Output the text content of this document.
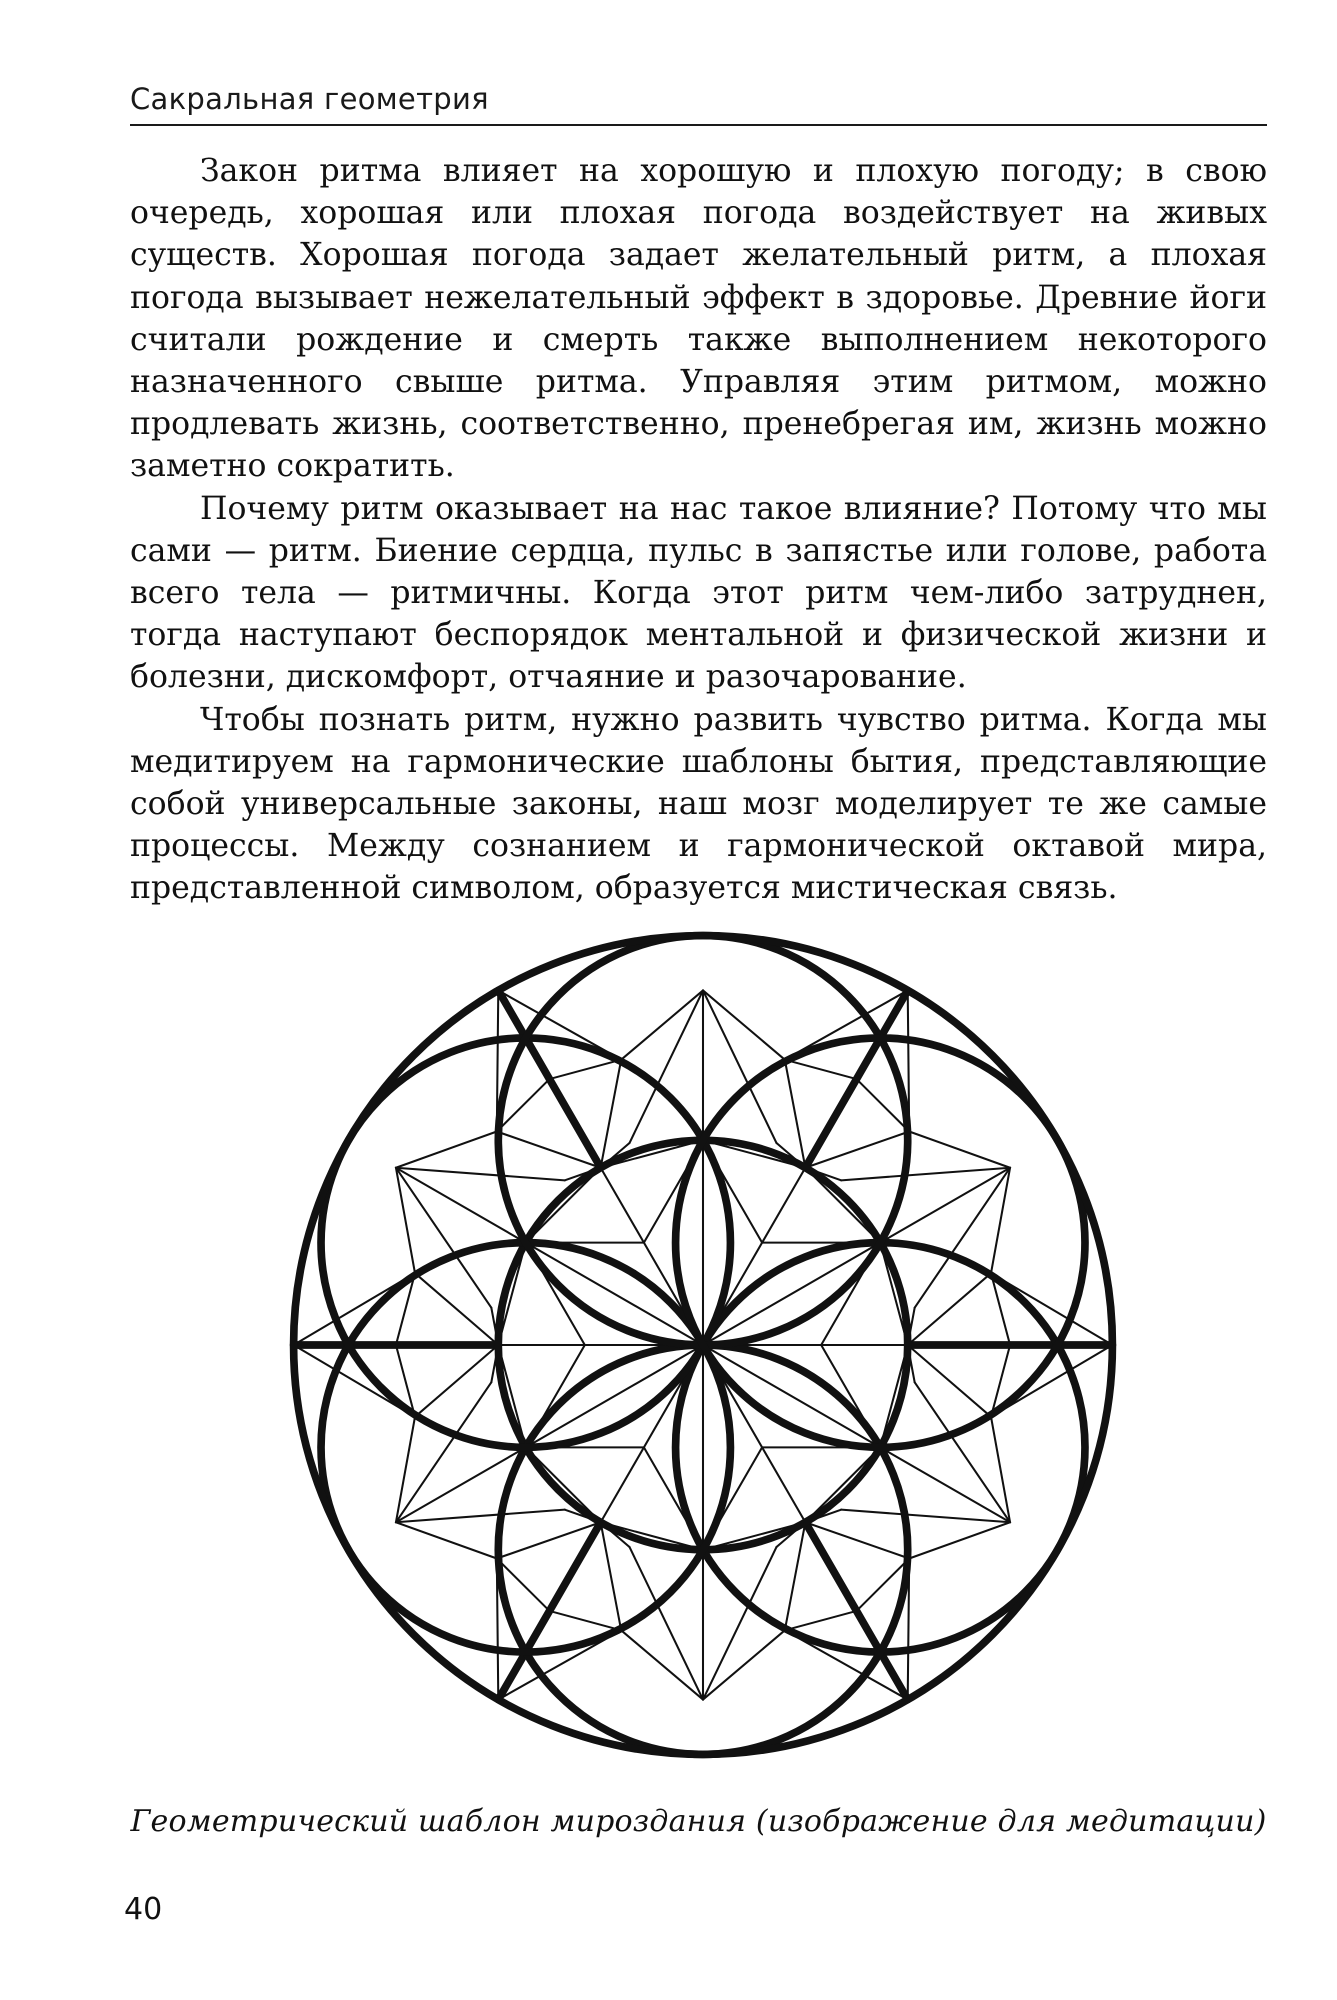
Сакральная геометрия

Закон ритма влияет на хорошую и плохую погоду; в свою очередь, хорошая или плохая погода воздействует на живых существ. Хорошая погода задает желательный ритм, а плохая погода вызывает нежелательный эффект в здоровье. Древние йоги считали рождение и смерть также выполнением некоторого назначенного свыше ритма. Управляя этим ритмом, можно продлевать жизнь, соответственно, пренебрегая им, жизнь можно заметно сократить.

Почему ритм оказывает на нас такое влияние? Потому что мы сами — ритм. Биение сердца, пульс в запястье или голове, работа всего тела — ритмичны. Когда этот ритм чем-либо затруднен, тогда наступают беспорядок ментальной и физической жизни и болезни, дискомфорт, отчаяние и разочарование.

Чтобы познать ритм, нужно развить чувство ритма. Когда мы медитируем на гармонические шаблоны бытия, представляющие собой универсальные законы, наш мозг моделирует те же самые процессы. Между сознанием и гармонической октавой мира, представленной символом, образуется мистическая связь.

Геометрический шаблон мироздания (изображение для медитации)
40
